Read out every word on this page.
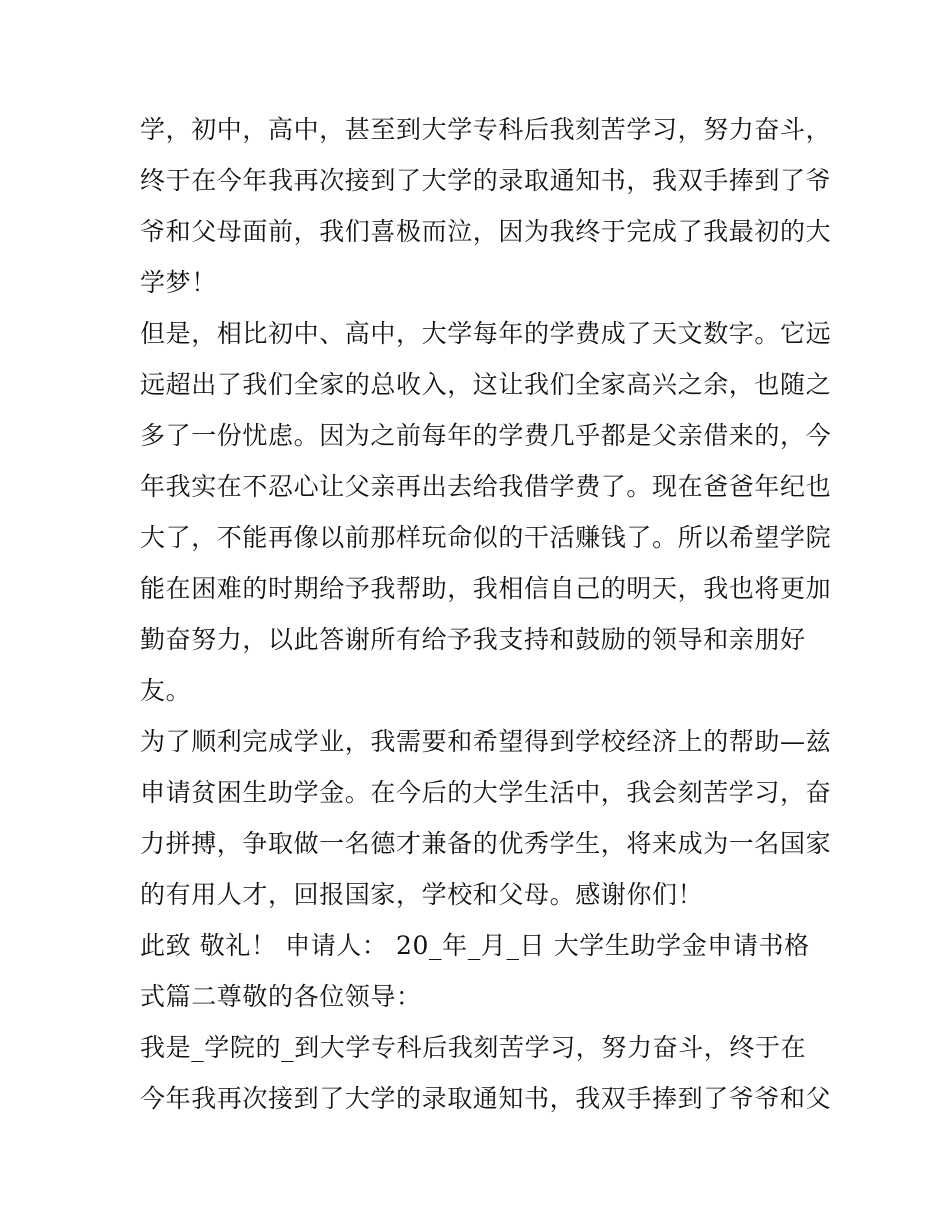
学，初中，高中，甚至到大学专科后我刻苦学习，努力奋斗，
终于在今年我再次接到了大学的录取通知书，我双手捧到了爷
爷和父母面前，我们喜极而泣，因为我终于完成了我最初的大
学梦！
但是，相比初中、高中，大学每年的学费成了天文数字。它远
远超出了我们全家的总收入，这让我们全家高兴之余，也随之
多了一份忧虑。因为之前每年的学费几乎都是父亲借来的，今
年我实在不忍心让父亲再出去给我借学费了。现在爸爸年纪也
大了，不能再像以前那样玩命似的干活赚钱了。所以希望学院
能在困难的时期给予我帮助，我相信自己的明天，我也将更加
勤奋努力，以此答谢所有给予我支持和鼓励的领导和亲朋好
友。
为了顺利完成学业，我需要和希望得到学校经济上的帮助—兹
申请贫困生助学金。在今后的大学生活中，我会刻苦学习，奋
力拼搏，争取做一名德才兼备的优秀学生，将来成为一名国家
的有用人才，回报国家，学校和父母。感谢你们！
此致 敬礼！ 申请人： 20_年_月_日 大学生助学金申请书格
式篇二尊敬的各位领导：
我是_学院的_到大学专科后我刻苦学习，努力奋斗，终于在
今年我再次接到了大学的录取通知书，我双手捧到了爷爷和父
